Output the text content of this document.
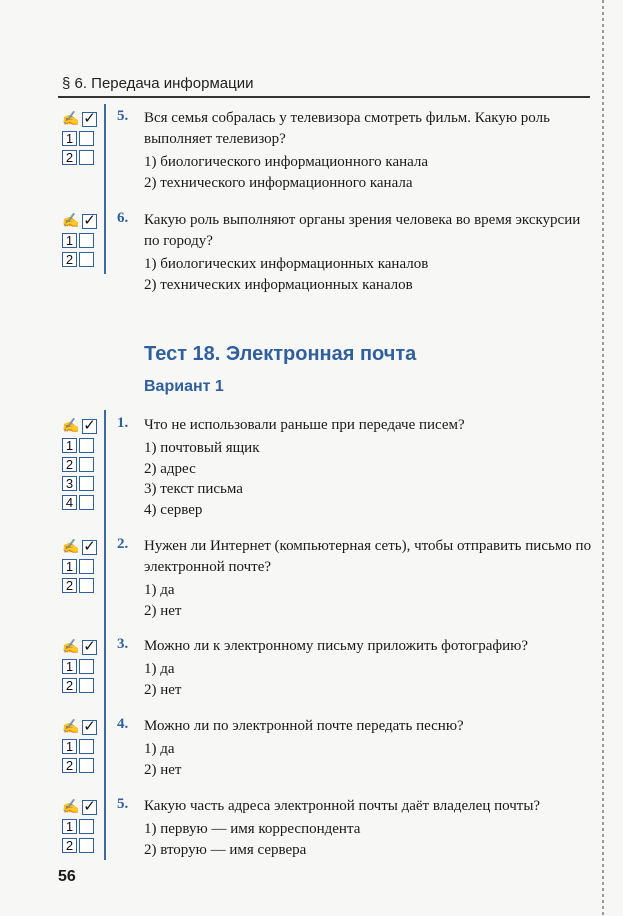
§ 6. Передача информации
✍ ✓
1
2
5. Вся семья собралась у телевизора смотреть фильм. Какую роль выполняет телевизор?
1) биологического информационного канала
2) технического информационного канала
✍ ✓
1
2
6. Какую роль выполняют органы зрения человека во время экскурсии по городу?
1) биологических информационных каналов
2) технических информационных каналов
Тест 18. Электронная почта
Вариант 1
✍ ✓
1
2
3
4
1. Что не использовали раньше при передаче писем?
1) почтовый ящик
2) адрес
3) текст письма
4) сервер
✍ ✓
1
2
2. Нужен ли Интернет (компьютерная сеть), чтобы отправить письмо по электронной почте?
1) да
2) нет
✍ ✓
1
2
3. Можно ли к электронному письму приложить фотографию?
1) да
2) нет
✍ ✓
1
2
4. Можно ли по электронной почте передать песню?
1) да
2) нет
✍ ✓
1
2
5. Какую часть адреса электронной почты даёт владелец почты?
1) первую — имя корреспондента
2) вторую — имя сервера
56
